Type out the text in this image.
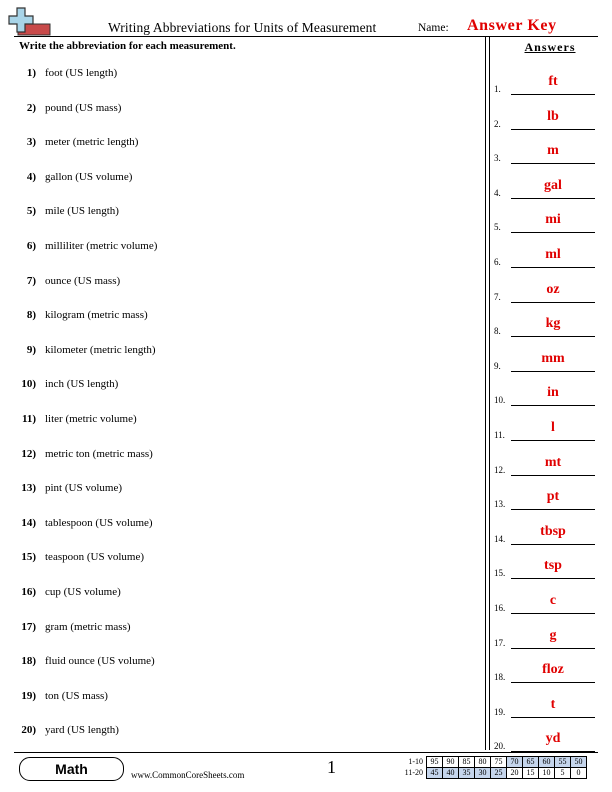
Writing Abbreviations for Units of Measurement	Name: Answer Key
Write the abbreviation for each measurement.	Answers
1) foot (US length)
2) pound (US mass)
3) meter (metric length)
4) gallon (US volume)
5) mile (US length)
6) milliliter (metric volume)
7) ounce (US mass)
8) kilogram (metric mass)
9) kilometer (metric length)
10) inch (US length)
11) liter (metric volume)
12) metric ton (metric mass)
13) pint (US volume)
14) tablespoon (US volume)
15) teaspoon (US volume)
16) cup (US volume)
17) gram (metric mass)
18) fluid ounce (US volume)
19) ton (US mass)
20) yard (US length)
1.	ft
2.	lb
3.	m
4.	gal
5.	mi
6.	ml
7.	oz
8.	kg
9.	mm
10.	in
11.	l
12.	mt
13.	pt
14.	tbsp
15.	tsp
16.	c
17.	g
18.	floz
19.	t
20.	yd
Math	www.CommonCoreSheets.com	1	1-10	95	90	85	80	75	70	65	60	55	50
11-20	45	40	35	30	25	20	15	10	5	0
